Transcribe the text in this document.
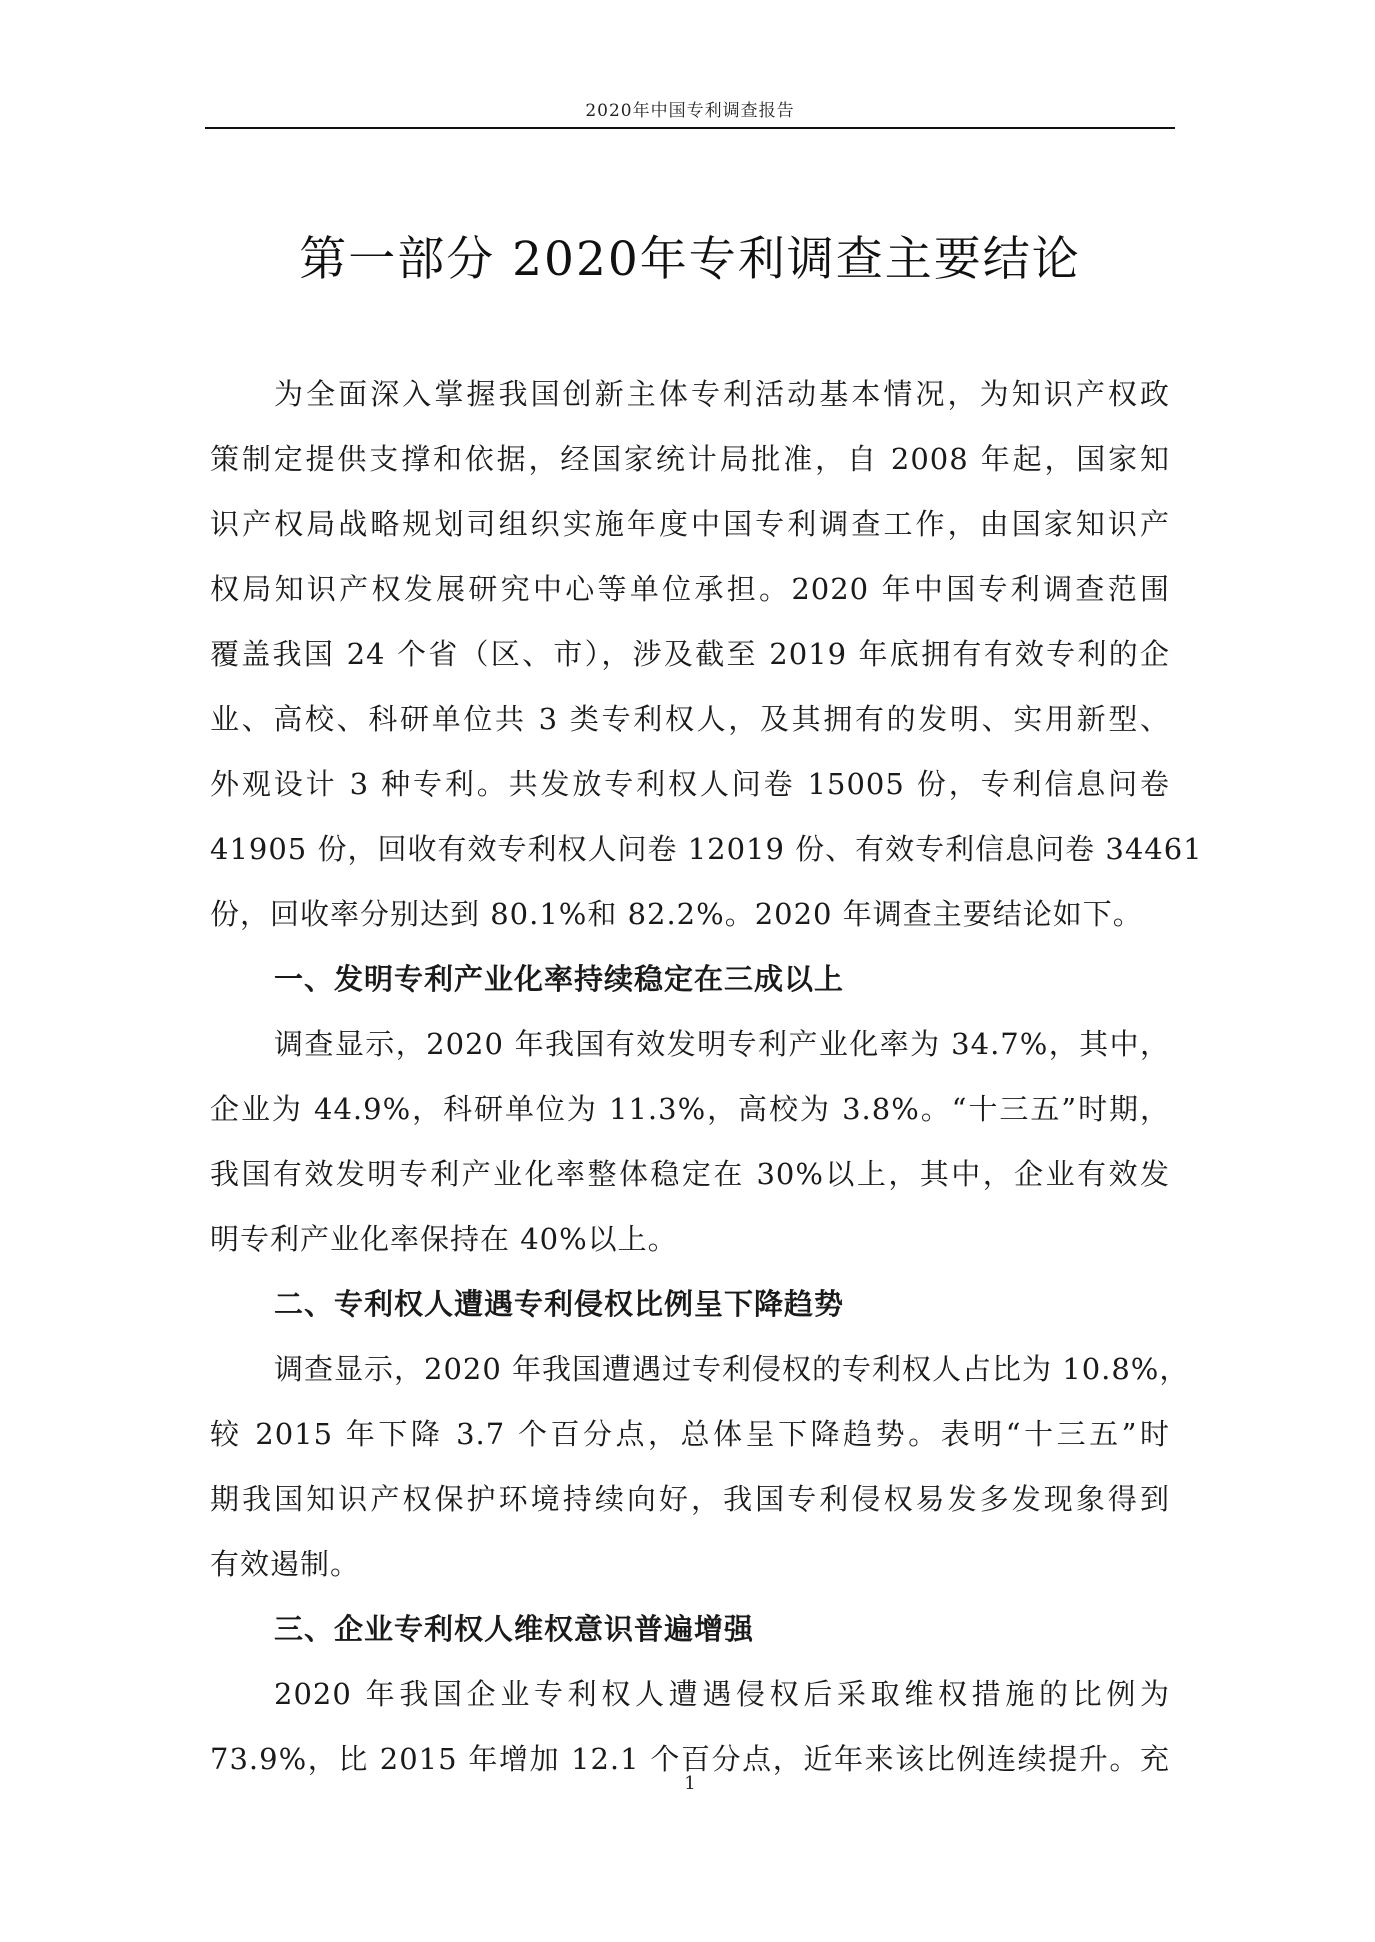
2020年中国专利调查报告
第一部分 2020年专利调查主要结论
为全面深入掌握我国创新主体专利活动基本情况，为知识产权政
策制定提供支撑和依据，经国家统计局批准，自 2008 年起，国家知
识产权局战略规划司组织实施年度中国专利调查工作，由国家知识产
权局知识产权发展研究中心等单位承担。2020 年中国专利调查范围
覆盖我国 24 个省（区、市），涉及截至 2019 年底拥有有效专利的企
业、高校、科研单位共 3 类专利权人，及其拥有的发明、实用新型、
外观设计 3 种专利。共发放专利权人问卷 15005 份，专利信息问卷
41905 份，回收有效专利权人问卷 12019 份、有效专利信息问卷 34461
份，回收率分别达到 80.1%和 82.2%。2020 年调查主要结论如下。
一、发明专利产业化率持续稳定在三成以上
调查显示，2020 年我国有效发明专利产业化率为 34.7%，其中，
企业为 44.9%，科研单位为 11.3%，高校为 3.8%。“十三五”时期，
我国有效发明专利产业化率整体稳定在 30%以上，其中，企业有效发
明专利产业化率保持在 40%以上。
二、专利权人遭遇专利侵权比例呈下降趋势
调查显示，2020 年我国遭遇过专利侵权的专利权人占比为 10.8%，
较 2015 年下降 3.7 个百分点，总体呈下降趋势。表明“十三五”时
期我国知识产权保护环境持续向好，我国专利侵权易发多发现象得到
有效遏制。
三、企业专利权人维权意识普遍增强
2020 年我国企业专利权人遭遇侵权后采取维权措施的比例为
73.9%，比 2015 年增加 12.1 个百分点，近年来该比例连续提升。充
1
